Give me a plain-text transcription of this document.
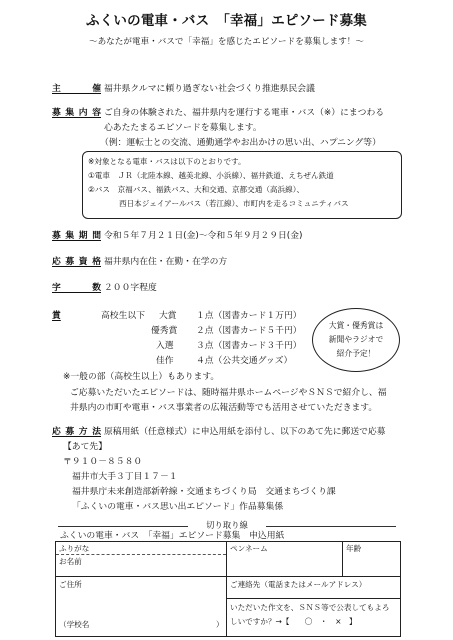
ふくいの電車・バス　「幸福」エピソード募集
～あなたが電車・バスで「幸福」を感じたエピソードを募集します！～
主催 福井県クルマに頼り過ぎない社会づくり推進県民会議
募集内容 ご自身の体験された、福井県内を運行する電車・バス（※）にまつわる
心あたたまるエピソードを募集します。
（例：運転士との交流、通勤通学やお出かけの思い出、ハプニング等）
※対象となる電車・バスは以下のとおりです。
①電車　ＪＲ（北陸本線、越美北線、小浜線）、福井鉄道、えちぜん鉄道
②バス　京福バス、福鉄バス、大和交通、京都交通（高浜線）、
西日本ジェイアールバス（若江線）、市町内を走るコミュニティバス
募集期間 令和５年７月２１日(金)～令和５年９月２９日(金)
応募資格 福井県内在住・在勤・在学の方
字数 ２００字程度
賞	高校生以下 大賞 １点（図書カード１万円）
優秀賞 ２点（図書カード５千円）
入選	３点（図書カード３千円）
佳作	４点（公共交通グッズ）
大賞・優秀賞は
新聞やラジオで
紹介予定！
※一般の部（高校生以上）もあります。
ご応募いただいたエピソードは、随時福井県ホームページやＳＮＳで紹介し、福
井県内の市町や電車・バス事業者の広報活動等でも活用させていただきます。
応募方法 原稿用紙（任意様式）に申込用紙を添付し、以下のあて先に郵送で応募
【あて先】
〒９１０－８５８０
福井市大手３丁目１７－１
福井県庁未来創造部新幹線・交通まちづくり局　交通まちづくり課
「ふくいの電車・バス思い出エピソード」作品募集係
切り取り線
ふくいの電車・バス　「幸福」エピソード募集　申込用紙
ふりがな
お名前
ペンネーム	年齢
ご住所	ご連絡先（電話またはメールアドレス）
（学校名	）
いただいた作文を、ＳＮＳ等で公表してもよろ
しいですか？→【　　〇　・　×　】
